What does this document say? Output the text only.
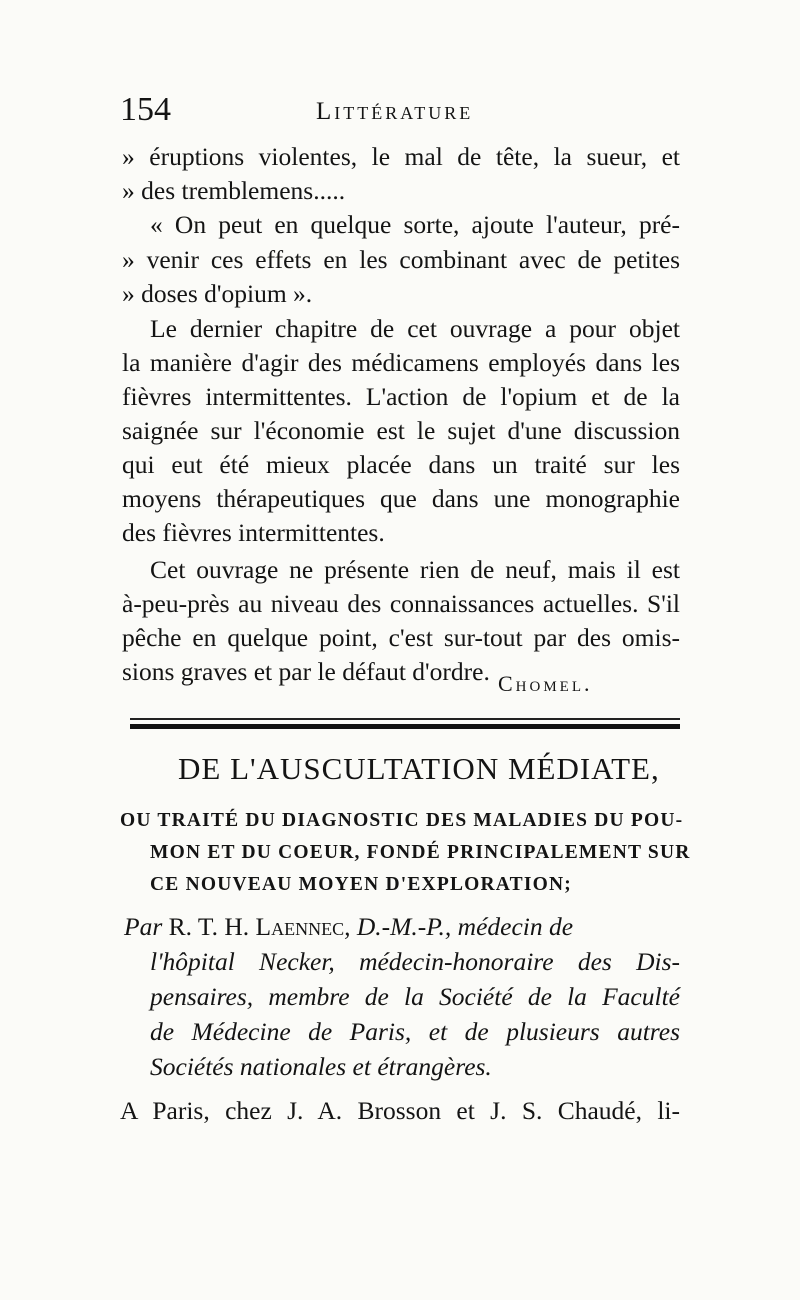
154	Littérature
» éruptions violentes, le mal de tête, la sueur, et
» des tremblemens.....
« On peut en quelque sorte, ajoute l'auteur, pré-
» venir ces effets en les combinant avec de petites
» doses d'opium ».
Le dernier chapitre de cet ouvrage a pour objet
la manière d'agir des médicamens employés dans les
fièvres intermittentes. L'action de l'opium et de la
saignée sur l'économie est le sujet d'une discussion
qui eut été mieux placée dans un traité sur les
moyens thérapeutiques que dans une monographie
des fièvres intermittentes.
Cet ouvrage ne présente rien de neuf, mais il est
à-peu-près au niveau des connaissances actuelles. S'il
pêche en quelque point, c'est sur-tout par des omis-
sions graves et par le défaut d'ordre. Chomel.
DE L'AUSCULTATION MÉDIATE,
OU TRAITÉ DU DIAGNOSTIC DES MALADIES DU POU-
MON ET DU COEUR, FONDÉ PRINCIPALEMENT SUR
CE NOUVEAU MOYEN D'EXPLORATION;
Par R. T. H. Laennec, D.-M.-P., médecin de
l'hôpital Necker, médecin-honoraire des Dis-
pensaires, membre de la Société de la Faculté
de Médecine de Paris, et de plusieurs autres
Sociétés nationales et étrangères.
A Paris, chez J. A. Brosson et J. S. Chaudé, li-
